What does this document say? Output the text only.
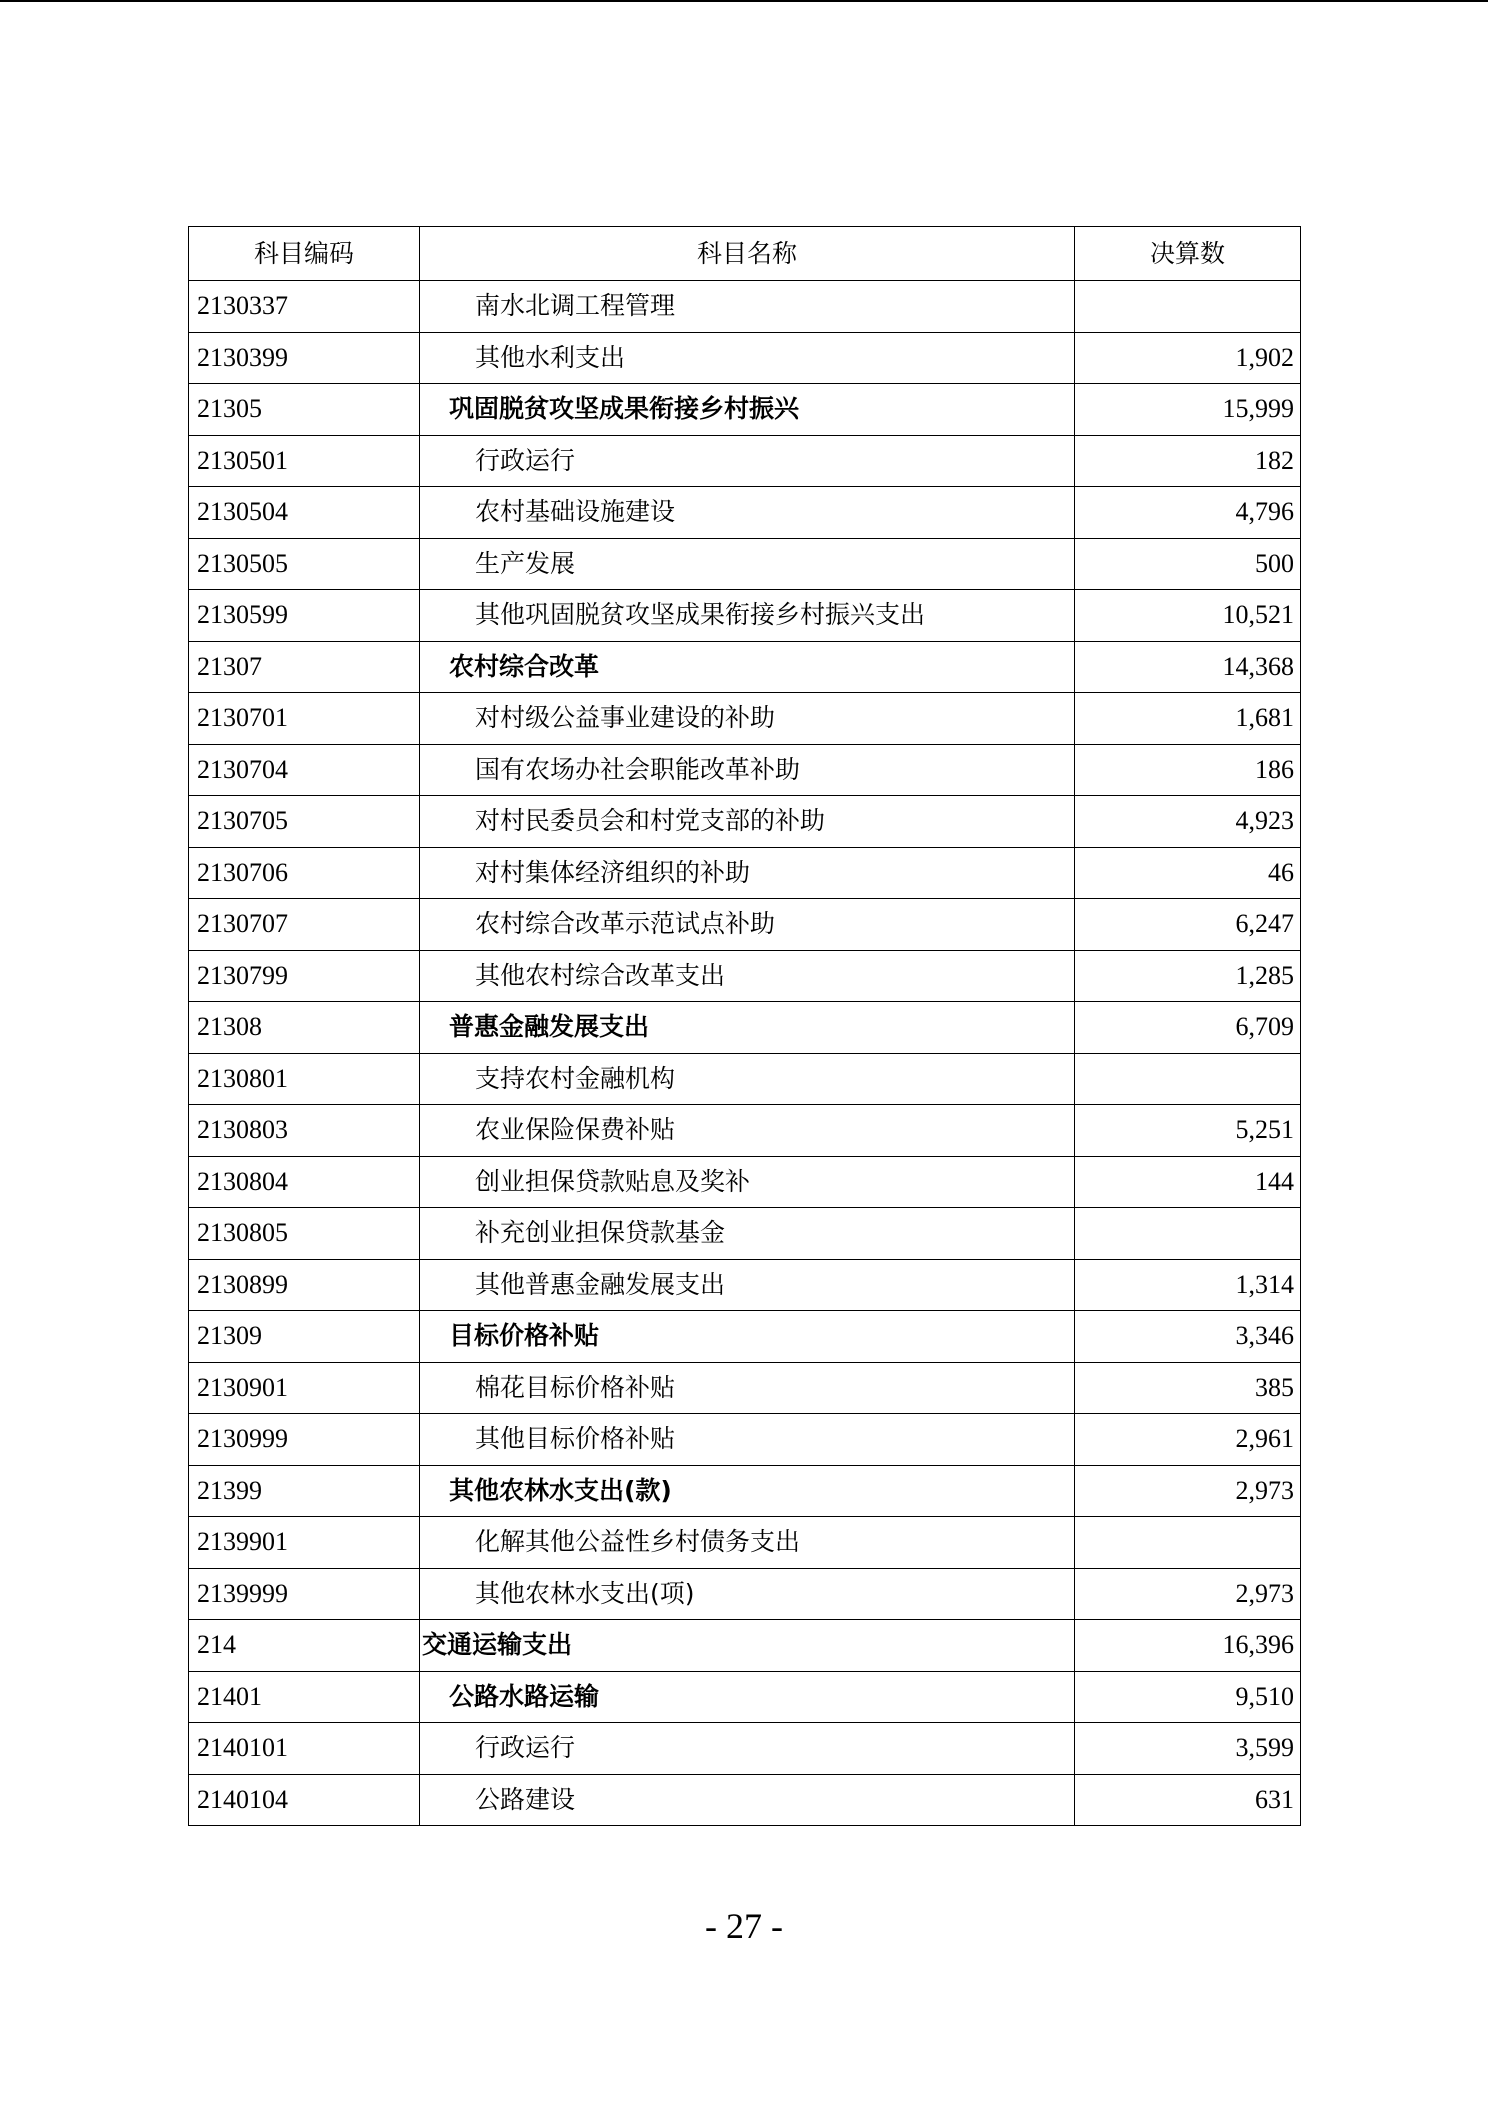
科目编码	科目名称	决算数
2130337	南水北调工程管理	
2130399	其他水利支出	1,902
21305	巩固脱贫攻坚成果衔接乡村振兴	15,999
2130501	行政运行	182
2130504	农村基础设施建设	4,796
2130505	生产发展	500
2130599	其他巩固脱贫攻坚成果衔接乡村振兴支出	10,521
21307	农村综合改革	14,368
2130701	对村级公益事业建设的补助	1,681
2130704	国有农场办社会职能改革补助	186
2130705	对村民委员会和村党支部的补助	4,923
2130706	对村集体经济组织的补助	46
2130707	农村综合改革示范试点补助	6,247
2130799	其他农村综合改革支出	1,285
21308	普惠金融发展支出	6,709
2130801	支持农村金融机构	
2130803	农业保险保费补贴	5,251
2130804	创业担保贷款贴息及奖补	144
2130805	补充创业担保贷款基金	
2130899	其他普惠金融发展支出	1,314
21309	目标价格补贴	3,346
2130901	棉花目标价格补贴	385
2130999	其他目标价格补贴	2,961
21399	其他农林水支出(款)	2,973
2139901	化解其他公益性乡村债务支出	
2139999	其他农林水支出(项)	2,973
214	交通运输支出	16,396
21401	公路水路运输	9,510
2140101	行政运行	3,599
2140104	公路建设	631
- 27 -
